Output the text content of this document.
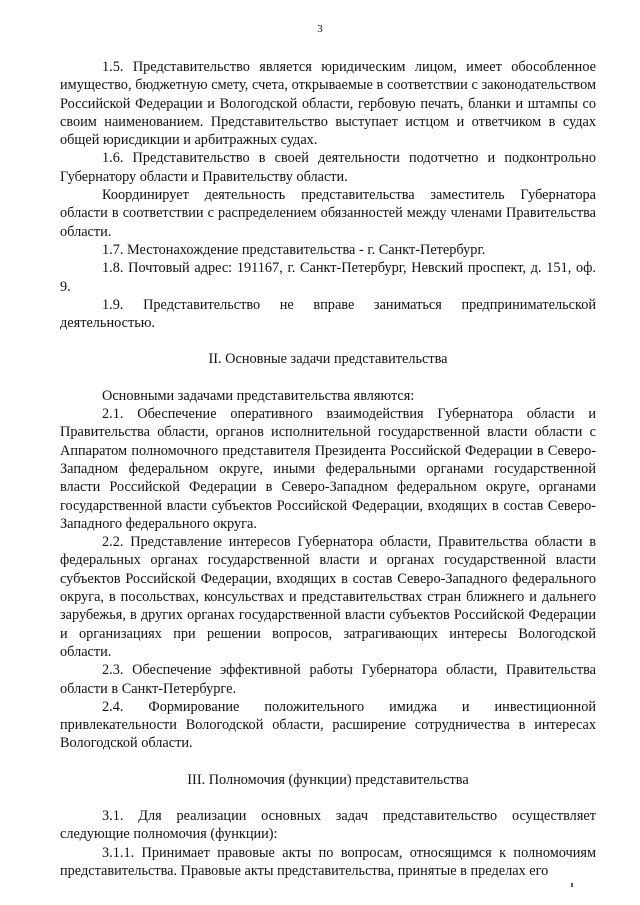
3

1.5. Представительство является юридическим лицом, имеет обособленное имущество, бюджетную смету, счета, открываемые в соответствии с законодательством Российской Федерации и Вологодской области, гербовую печать, бланки и штампы со своим наименованием. Представительство выступает истцом и ответчиком в судах общей юрисдикции и арбитражных судах.

1.6. Представительство в своей деятельности подотчетно и подконтрольно Губернатору области и Правительству области.

Координирует деятельность представительства заместитель Губернатора области в соответствии с распределением обязанностей между членами Правительства области.

1.7. Местонахождение представительства - г. Санкт-Петербург.

1.8. Почтовый адрес: 191167, г. Санкт-Петербург, Невский проспект, д. 151, оф. 9.

1.9. Представительство не вправе заниматься предпринимательской деятельностью.

II. Основные задачи представительства

Основными задачами представительства являются:

2.1. Обеспечение оперативного взаимодействия Губернатора области и Правительства области, органов исполнительной государственной власти области с Аппаратом полномочного представителя Президента Российской Федерации в Северо-Западном федеральном округе, иными федеральными органами государственной власти Российской Федерации в Северо-Западном федеральном округе, органами государственной власти субъектов Российской Федерации, входящих в состав Северо-Западного федерального округа.

2.2. Представление интересов Губернатора области, Правительства области в федеральных органах государственной власти и органах государственной власти субъектов Российской Федерации, входящих в состав Северо-Западного федерального округа, в посольствах, консульствах и представительствах стран ближнего и дальнего зарубежья, в других органах государственной власти субъектов Российской Федерации и организациях при решении вопросов, затрагивающих интересы Вологодской области.

2.3. Обеспечение эффективной работы Губернатора области, Правительства области в Санкт-Петербурге.

2.4. Формирование положительного имиджа и инвестиционной привлекательности Вологодской области, расширение сотрудничества в интересах Вологодской области.

III. Полномочия (функции) представительства

3.1. Для реализации основных задач представительство осуществляет следующие полномочия (функции):

3.1.1. Принимает правовые акты по вопросам, относящимся к полномочиям представительства. Правовые акты представительства, принятые в пределах его
